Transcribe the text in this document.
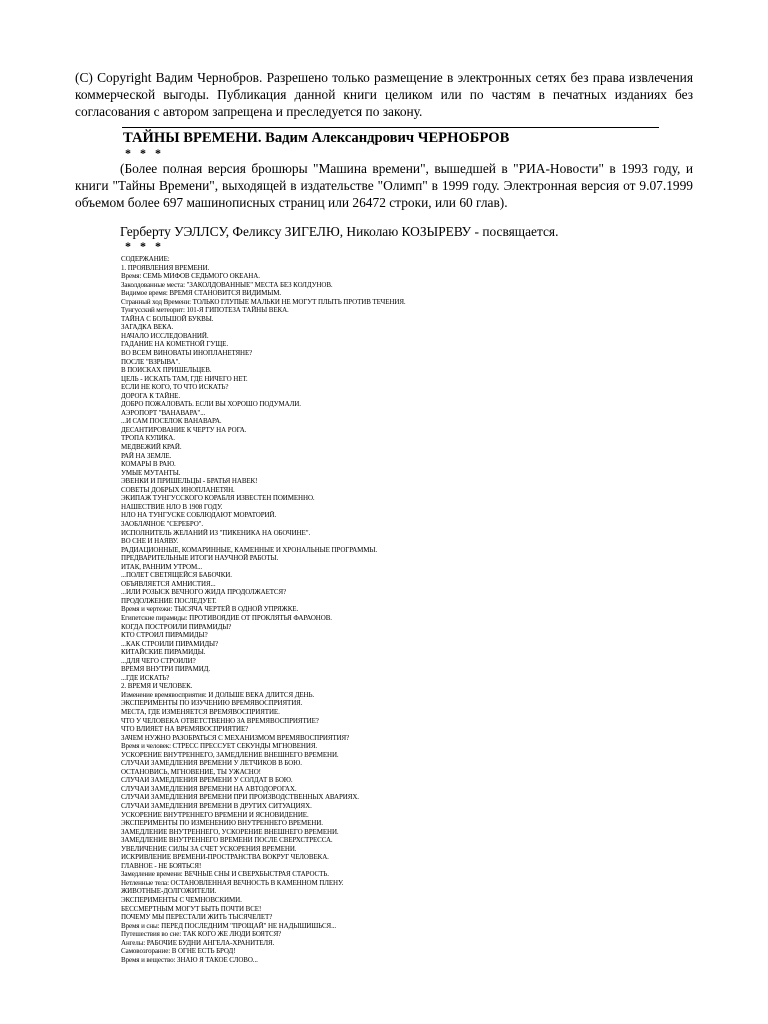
(С) Copyright Вадим Чернобров. Разрешено только размещение в электронных сетях без права извлечения коммерческой выгоды. Публикация данной книги целиком или по частям в печатных изданиях без согласования с автором запрещена и преследуется по закону.

ТАЙНЫ ВРЕМЕНИ. Вадим Александрович ЧЕРНОБРОВ

* * *

(Более полная версия брошюры "Машина времени", вышедшей в "РИА-Новости" в 1993 году, и книги "Тайны Времени", выходящей в издательстве "Олимп" в 1999 году. Электронная версия от 9.07.1999 объемом более 697 машинописных страниц или 26472 строки, или 60 глав).

Герберту УЭЛЛСУ, Феликсу ЗИГЕЛЮ, Николаю КОЗЫРЕВУ - посвящается.

* * *

СОДЕРЖАНИЕ:
1. ПРОЯВЛЕНИЯ ВРЕМЕНИ.
Время: СЕМЬ МИФОВ СЕДЬМОГО ОКЕАНА.
Заколдованные места: "ЗАКОЛДОВАННЫЕ" МЕСТА БЕЗ КОЛДУНОВ.
Видимое время: ВРЕМЯ СТАНОВИТСЯ ВИДИМЫМ.
Странный ход Времени: ТОЛЬКО ГЛУПЫЕ МАЛЬКИ НЕ МОГУТ ПЛЫТЬ ПРОТИВ ТЕЧЕНИЯ.
Тунгусский метеорит: 101-Я ГИПОТЕЗА ТАЙНЫ ВЕКА.
ТАЙНА С БОЛЬШОЙ БУКВЫ.
ЗАГАДКА ВЕКА.
НАЧАЛО ИССЛЕДОВАНИЙ.
ГАДАНИЕ НА КОМЕТНОЙ ГУЩЕ.
ВО ВСЕМ ВИНОВАТЫ ИНОПЛАНЕТЯНЕ?
ПОСЛЕ "ВЗРЫВА".
В ПОИСКАХ ПРИШЕЛЬЦЕВ.
ЦЕЛЬ - ИСКАТЬ ТАМ, ГДЕ НИЧЕГО НЕТ.
ЕСЛИ НЕ КОГО, ТО ЧТО ИСКАТЬ?
ДОРОГА К ТАЙНЕ.
ДОБРО ПОЖАЛОВАТЬ. ЕСЛИ ВЫ ХОРОШО ПОДУМАЛИ.
АЭРОПОРТ "ВАНАВАРА"...
...И САМ ПОСЕЛОК ВАНАВАРА.
ДЕСАНТИРОВАНИЕ К ЧЕРТУ НА РОГА.
ТРОПА КУЛИКА.
МЕДВЕЖИЙ КРАЙ.
РАЙ НА ЗЕМЛЕ.
КОМАРЫ В РАЮ.
УМЫЕ МУТАНТЫ.
ЭВЕНКИ И ПРИШЕЛЬЦЫ - БРАТЬЯ НАВЕК!
СОВЕТЫ ДОБРЫХ ИНОПЛАНЕТЯН.
ЭКИПАЖ ТУНГУССКОГО КОРАБЛЯ ИЗВЕСТЕН ПОИМЕННО.
НАШЕСТВИЕ НЛО В 1908 ГОДУ.
НЛО НА ТУНГУСКЕ СОБЛЮДАЮТ МОРАТОРИЙ.
ЗАОБЛАЧНОЕ "СЕРЕБРО".
ИСПОЛНИТЕЛЬ ЖЕЛАНИЙ ИЗ "ПИКЕНИКА НА ОБОЧИНЕ".
ВО СНЕ И НАЯВУ.
РАДИАЦИОННЫЕ, КОМАРИННЫЕ, КАМЕННЫЕ И ХРОНАЛЬНЫЕ ПРОГРАММЫ.
ПРЕДВАРИТЕЛЬНЫЕ ИТОГИ НАУЧНОЙ РАБОТЫ.
ИТАК, РАННИМ УТРОМ...
...ПОЛЕТ СВЕТЯЩЕЙСЯ БАБОЧКИ.
ОБЪЯВЛЯЕТСЯ АМНИСТИЯ...
...ИЛИ РОЗЫСК ВЕЧНОГО ЖИДА ПРОДОЛЖАЕТСЯ?
ПРОДОЛЖЕНИЕ ПОСЛЕДУЕТ.
Время и чертежи: ТЫСЯЧА ЧЕРТЕЙ В ОДНОЙ УПРЯЖКЕ.
Египетские пирамиды: ПРОТИВОЯДИЕ ОТ ПРОКЛЯТЬЯ ФАРАОНОВ.
КОГДА ПОСТРОИЛИ ПИРАМИДЫ?
КТО СТРОИЛ ПИРАМИДЫ?
...КАК СТРОИЛИ ПИРАМИДЫ?
КИТАЙСКИЕ ПИРАМИДЫ.
...ДЛЯ ЧЕГО СТРОИЛИ?
ВРЕМЯ ВНУТРИ ПИРАМИД.
...ГДЕ ИСКАТЬ?
2. ВРЕМЯ И ЧЕЛОВЕК.
Изменение времявосприятия: И ДОЛЬШЕ ВЕКА ДЛИТСЯ ДЕНЬ.
ЭКСПЕРИМЕНТЫ ПО ИЗУЧЕНИЮ ВРЕМЯВОСПРИЯТИЯ.
МЕСТА, ГДЕ ИЗМЕНЯЕТСЯ ВРЕМЯВОСПРИЯТИЕ.
ЧТО У ЧЕЛОВЕКА ОТВЕТСТВЕННО ЗА ВРЕМЯВОСПРИЯТИЕ?
ЧТО ВЛИЯЕТ НА ВРЕМЯВОСПРИЯТИЕ?
ЗАЧЕМ НУЖНО РАЗОБРАТЬСЯ С МЕХАНИЗМОМ ВРЕМЯВОСПРИЯТИЯ?
Время и человек: СТРЕСС ПРЕССУЕТ СЕКУНДЫ МГНОВЕНИЯ.
УСКОРЕНИЕ ВНУТРЕННЕГО, ЗАМЕДЛЕНИЕ ВНЕШНЕГО ВРЕМЕНИ.
СЛУЧАИ ЗАМЕДЛЕНИЯ ВРЕМЕНИ У ЛЕТЧИКОВ В БОЮ.
ОСТАНОВИСЬ, МГНОВЕНИЕ, ТЫ УЖАСНО!
СЛУЧАИ ЗАМЕДЛЕНИЯ ВРЕМЕНИ У СОЛДАТ В БОЮ.
СЛУЧАИ ЗАМЕДЛЕНИЯ ВРЕМЕНИ НА АВТОДОРОГАХ.
СЛУЧАИ ЗАМЕДЛЕНИЯ ВРЕМЕНИ ПРИ ПРОИЗВОДСТВЕННЫХ АВАРИЯХ.
СЛУЧАИ ЗАМЕДЛЕНИЯ ВРЕМЕНИ В ДРУГИХ СИТУАЦИЯХ.
УСКОРЕНИЕ ВНУТРЕННЕГО ВРЕМЕНИ И ЯСНОВИДЕНИЕ.
ЭКСПЕРИМЕНТЫ ПО ИЗМЕНЕНИЮ ВНУТРЕННЕГО ВРЕМЕНИ.
ЗАМЕДЛЕНИЕ ВНУТРЕННЕГО, УСКОРЕНИЕ ВНЕШНЕГО ВРЕМЕНИ.
ЗАМЕДЛЕНИЕ ВНУТРЕННЕГО ВРЕМЕНИ ПОСЛЕ СВЕРХСТРЕССА.
УВЕЛИЧЕНИЕ СИЛЫ ЗА СЧЕТ УСКОРЕНИЯ ВРЕМЕНИ.
ИСКРИВЛЕНИЕ ВРЕМЕНИ-ПРОСТРАНСТВА ВОКРУГ ЧЕЛОВЕКА.
ГЛАВНОЕ - НЕ БОЯТЬСЯ!
Замедление времени: ВЕЧНЫЕ СНЫ И СВЕРХБЫСТРАЯ СТАРОСТЬ.
Нетленные тела: ОСТАНОВЛЕННАЯ ВЕЧНОСТЬ В КАМЕННОМ ПЛЕНУ.
ЖИВОТНЫЕ-ДОЛГОЖИТЕЛИ.
ЭКСПЕРИМЕНТЫ С ЧЕМНОВСКИМИ.
БЕССМЕРТНЫМ МОГУТ БЫТЬ ПОЧТИ ВСЕ!
ПОЧЕМУ МЫ ПЕРЕСТАЛИ ЖИТЬ ТЫСЯЧЕЛЕТ?
Время и сны: ПЕРЕД ПОСЛЕДНИМ "ПРОЩАЙ" НЕ НАДЫШИШЬСЯ...
Путешествия во сне: ТАК КОГО ЖЕ ЛЮДИ БОЯТСЯ?
Ангелы: РАБОЧИЕ БУДНИ АНГЕЛА-ХРАНИТЕЛЯ.
Самовозгорание: В ОГНЕ ЕСТЬ БРОД!
Время и вещество: ЗНАЮ Я ТАКОЕ СЛОВО...
